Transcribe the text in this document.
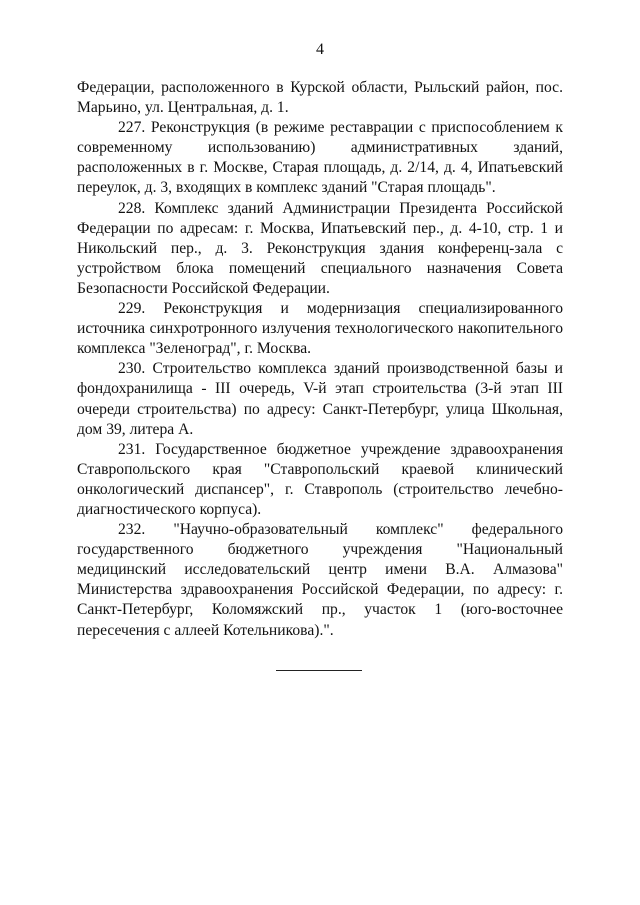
4

Федерации, расположенного в Курской области, Рыльский район, пос. Марьино, ул. Центральная, д. 1.

227. Реконструкция (в режиме реставрации с приспособлением к современному использованию) административных зданий, расположенных в г. Москве, Старая площадь, д. 2/14, д. 4, Ипатьевский переулок, д. 3, входящих в комплекс зданий "Старая площадь".

228. Комплекс зданий Администрации Президента Российской Федерации по адресам: г. Москва, Ипатьевский пер., д. 4-10, стр. 1 и Никольский пер., д. 3. Реконструкция здания конференц-зала с устройством блока помещений специального назначения Совета Безопасности Российской Федерации.

229. Реконструкция и модернизация специализированного источника синхротронного излучения технологического накопительного комплекса "Зеленоград", г. Москва.

230. Строительство комплекса зданий производственной базы и фондохранилища - III очередь, V-й этап строительства (3-й этап III очереди строительства) по адресу: Санкт-Петербург, улица Школьная, дом 39, литера А.

231. Государственное бюджетное учреждение здравоохранения Ставропольского края "Ставропольский краевой клинический онкологический диспансер", г. Ставрополь (строительство лечебно-диагностического корпуса).

232. "Научно-образовательный комплекс" федерального государственного бюджетного учреждения "Национальный медицинский исследовательский центр имени В.А. Алмазова" Министерства здравоохранения Российской Федерации, по адресу: г. Санкт-Петербург, Коломяжский пр., участок 1 (юго-восточнее пересечения с аллеей Котельникова).".
